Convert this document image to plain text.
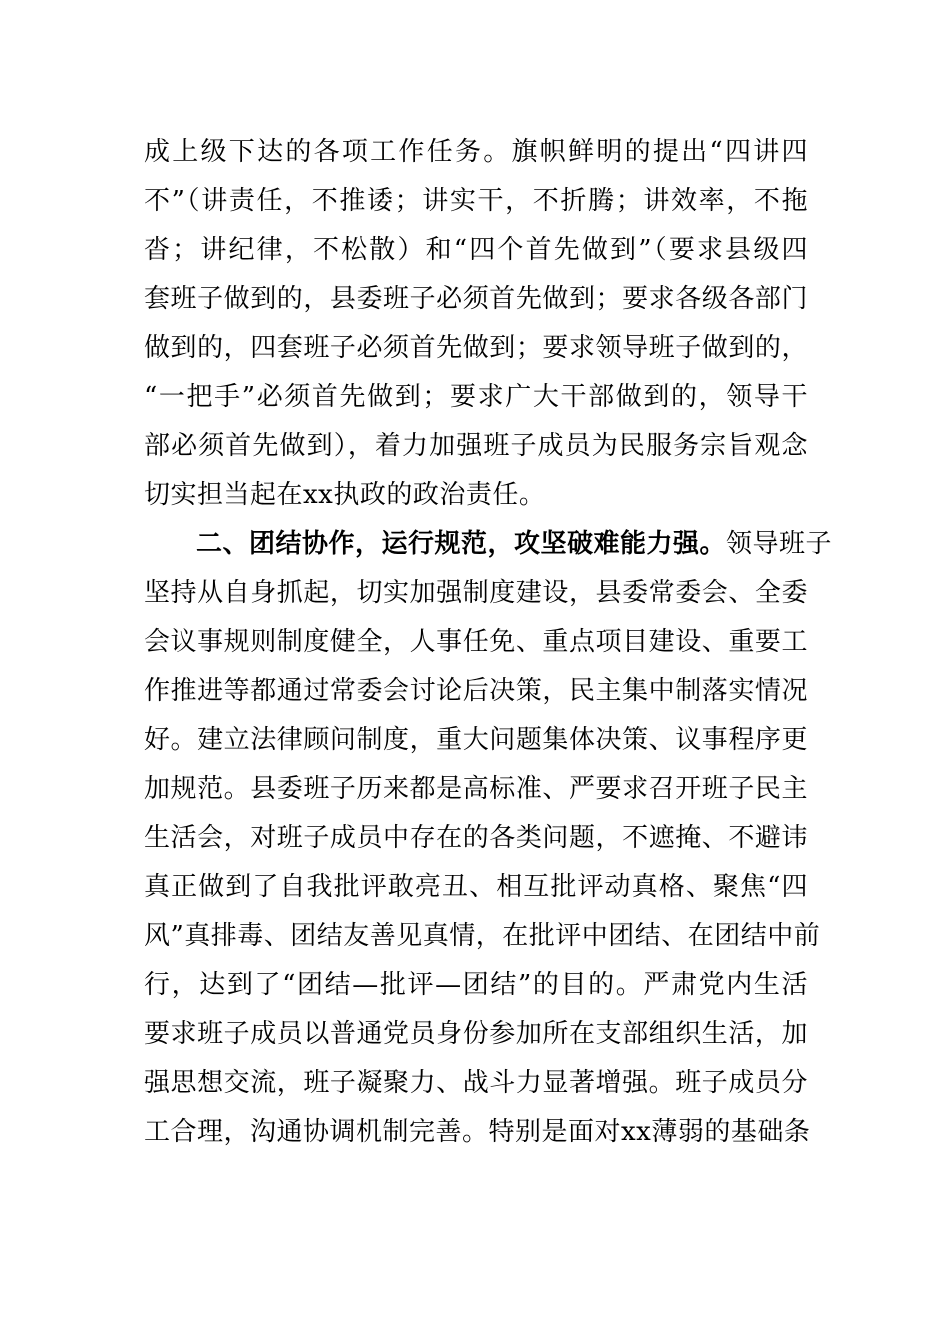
成上级下达的各项工作任务。旗帜鲜明的提出“四讲四
不”（讲责任，不推诿；讲实干，不折腾；讲效率，不拖
沓；讲纪律，不松散）和“四个首先做到”（要求县级四
套班子做到的，县委班子必须首先做到；要求各级各部门
做到的，四套班子必须首先做到；要求领导班子做到的，
“一把手”必须首先做到；要求广大干部做到的，领导干
部必须首先做到），着力加强班子成员为民服务宗旨观念
切实担当起在xx执政的政治责任。
二、团结协作，运行规范，攻坚破难能力强。领导班子
坚持从自身抓起，切实加强制度建设，县委常委会、全委
会议事规则制度健全，人事任免、重点项目建设、重要工
作推进等都通过常委会讨论后决策，民主集中制落实情况
好。建立法律顾问制度，重大问题集体决策、议事程序更
加规范。县委班子历来都是高标准、严要求召开班子民主
生活会，对班子成员中存在的各类问题，不遮掩、不避讳
真正做到了自我批评敢亮丑、相互批评动真格、聚焦“四
风”真排毒、团结友善见真情，在批评中团结、在团结中前
行，达到了“团结—批评—团结”的目的。严肃党内生活
要求班子成员以普通党员身份参加所在支部组织生活，加
强思想交流，班子凝聚力、战斗力显著增强。班子成员分
工合理，沟通协调机制完善。特别是面对xx薄弱的基础条
